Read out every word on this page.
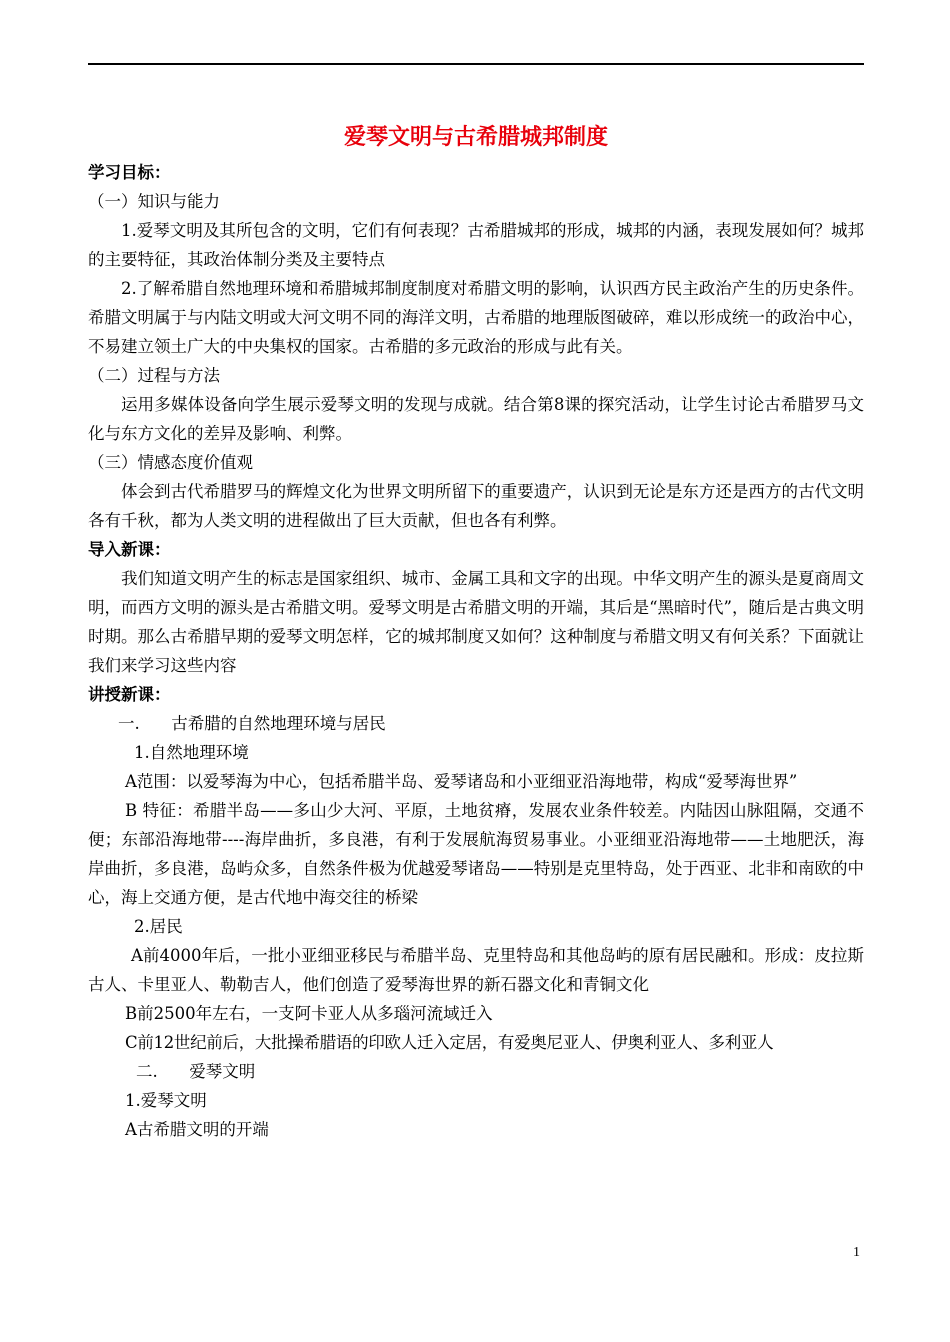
爱琴文明与古希腊城邦制度

学习目标：

（一）知识与能力

1.爱琴文明及其所包含的文明，它们有何表现？古希腊城邦的形成，城邦的内涵，表现发展如何？城邦的主要特征，其政治体制分类及主要特点

2.了解希腊自然地理环境和希腊城邦制度制度对希腊文明的影响，认识西方民主政治产生的历史条件。希腊文明属于与内陆文明或大河文明不同的海洋文明，古希腊的地理版图破碎，难以形成统一的政治中心，不易建立领土广大的中央集权的国家。古希腊的多元政治的形成与此有关。

（二）过程与方法

运用多媒体设备向学生展示爱琴文明的发现与成就。结合第8课的探究活动，让学生讨论古希腊罗马文化与东方文化的差异及影响、利弊。

（三）情感态度价值观

体会到古代希腊罗马的辉煌文化为世界文明所留下的重要遗产，认识到无论是东方还是西方的古代文明各有千秋，都为人类文明的进程做出了巨大贡献，但也各有利弊。

导入新课：

我们知道文明产生的标志是国家组织、城市、金属工具和文字的出现。中华文明产生的源头是夏商周文明，而西方文明的源头是古希腊文明。爱琴文明是古希腊文明的开端，其后是“黑暗时代”，随后是古典文明时期。那么古希腊早期的爱琴文明怎样，它的城邦制度又如何？这种制度与希腊文明又有何关系？下面就让我们来学习这些内容

讲授新课：

一.      古希腊的自然地理环境与居民

1.自然地理环境

A范围：以爱琴海为中心，包括希腊半岛、爱琴诸岛和小亚细亚沿海地带，构成“爱琴海世界”

B 特征：希腊半岛——多山少大河、平原，土地贫瘠，发展农业条件较差。内陆因山脉阻隔，交通不便；东部沿海地带----海岸曲折，多良港，有利于发展航海贸易事业。小亚细亚沿海地带——土地肥沃，海岸曲折，多良港，岛屿众多，自然条件极为优越爱琴诸岛——特别是克里特岛，处于西亚、北非和南欧的中心，海上交通方便，是古代地中海交往的桥梁

2.居民

A前4000年后，一批小亚细亚移民与希腊半岛、克里特岛和其他岛屿的原有居民融和。形成：皮拉斯古人、卡里亚人、勒勒吉人，他们创造了爱琴海世界的新石器文化和青铜文化

B前2500年左右，一支阿卡亚人从多瑙河流域迁入

C前12世纪前后，大批操希腊语的印欧人迁入定居，有爱奥尼亚人、伊奥利亚人、多利亚人

二.      爱琴文明

1.爱琴文明

A古希腊文明的开端

1
